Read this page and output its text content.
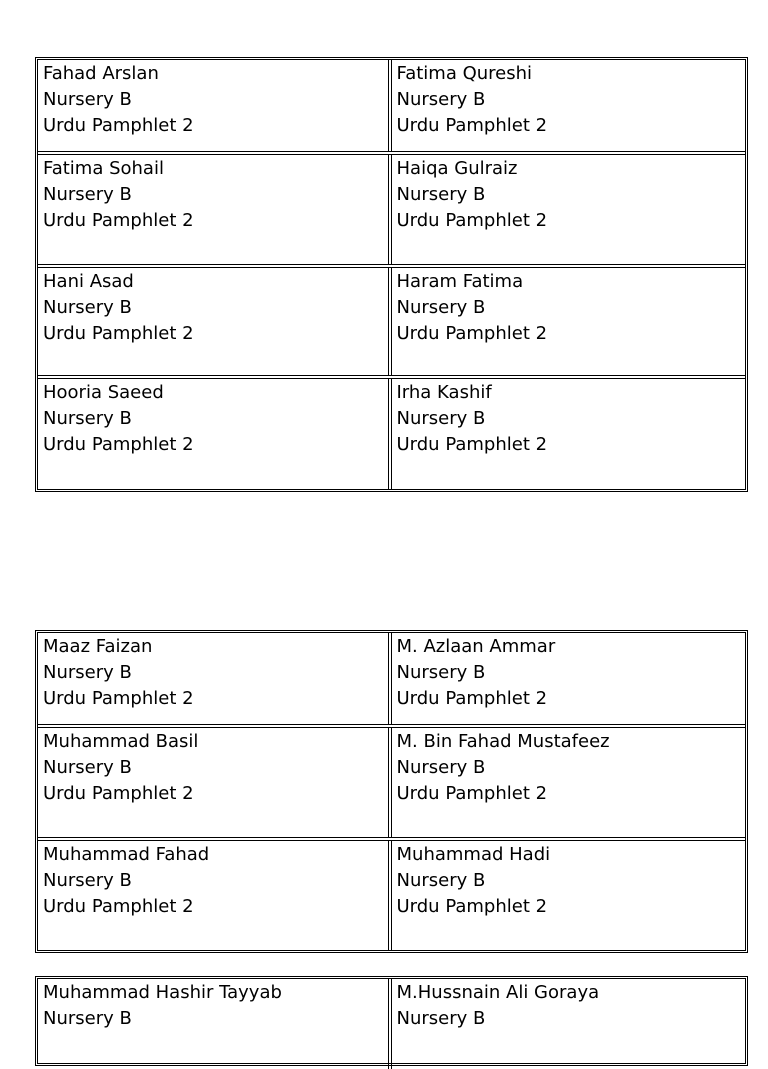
Fahad Arslan
Nursery B
Urdu Pamphlet 2
Fatima Qureshi
Nursery B
Urdu Pamphlet 2
Fatima Sohail
Nursery B
Urdu Pamphlet 2
Haiqa Gulraiz
Nursery B
Urdu Pamphlet 2
Hani Asad
Nursery B
Urdu Pamphlet 2
Haram Fatima
Nursery B
Urdu Pamphlet 2
Hooria Saeed
Nursery B
Urdu Pamphlet 2
Irha Kashif
Nursery B
Urdu Pamphlet 2
Maaz Faizan
Nursery B
Urdu Pamphlet 2
M. Azlaan Ammar
Nursery B
Urdu Pamphlet 2
Muhammad Basil
Nursery B
Urdu Pamphlet 2
M. Bin Fahad Mustafeez
Nursery B
Urdu Pamphlet 2
Muhammad Fahad
Nursery B
Urdu Pamphlet 2
Muhammad Hadi
Nursery B
Urdu Pamphlet 2
Muhammad Hashir Tayyab
Nursery B
M.Hussnain Ali Goraya
Nursery B
